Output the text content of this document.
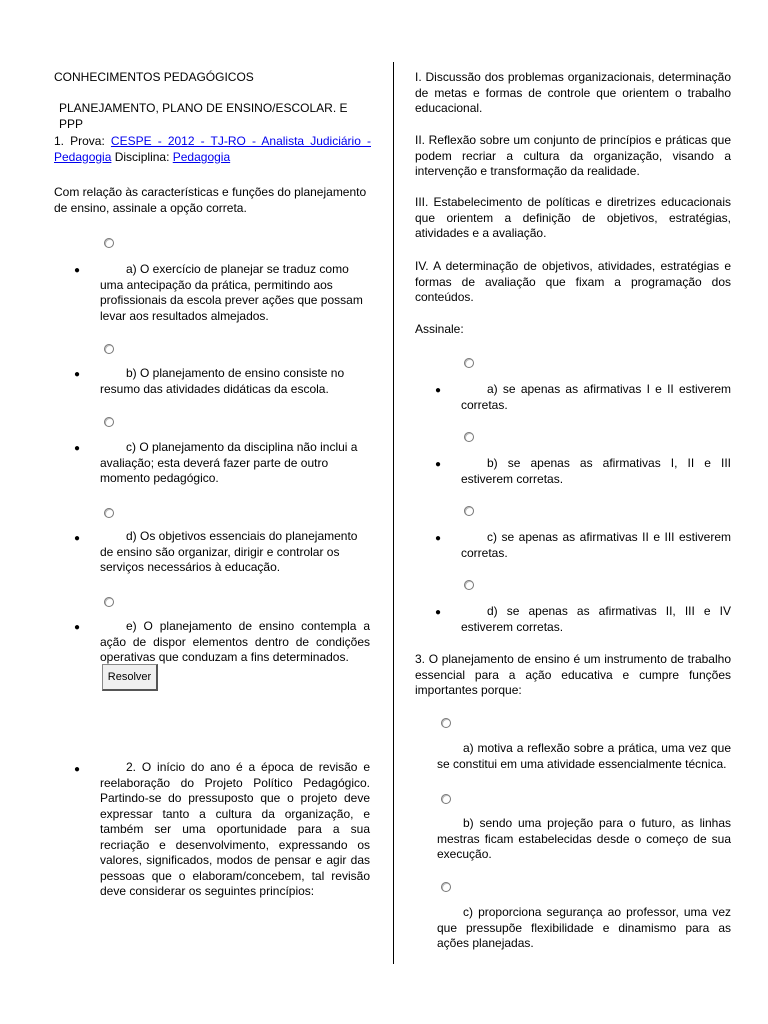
CONHECIMENTOS PEDAGÓGICOS
PLANEJAMENTO, PLANO DE ENSINO/ESCOLAR. E PPP
1. Prova: CESPE - 2012 - TJ-RO - Analista Judiciário - Pedagogia Disciplina: Pedagogia
Com relação às características e funções do planejamento de ensino, assinale a opção correta.
●	a) O exercício de planejar se traduz como uma antecipação da prática, permitindo aos profissionais da escola prever ações que possam levar aos resultados almejados.
●	b) O planejamento de ensino consiste no resumo das atividades didáticas da escola.
●	c) O planejamento da disciplina não inclui a avaliação; esta deverá fazer parte de outro momento pedagógico.
●	d) Os objetivos essenciais do planejamento de ensino são organizar, dirigir e controlar os serviços necessários à educação.
●	e) O planejamento de ensino contempla a ação de dispor elementos dentro de condições operativas que conduzam a fins determinados.
Resolver
●	2. O início do ano é a época de revisão e reelaboração do Projeto Político Pedagógico. Partindo-se do pressuposto que o projeto deve expressar tanto a cultura da organização, e também ser uma oportunidade para a sua recriação e desenvolvimento, expressando os valores, significados, modos de pensar e agir das pessoas que o elaboram/concebem, tal revisão deve considerar os seguintes princípios:
I. Discussão dos problemas organizacionais, determinação de metas e formas de controle que orientem o trabalho educacional.
II. Reflexão sobre um conjunto de princípios e práticas que podem recriar a cultura da organização, visando a intervenção e transformação da realidade.
III. Estabelecimento de políticas e diretrizes educacionais que orientem a definição de objetivos, estratégias, atividades e a avaliação.
IV. A determinação de objetivos, atividades, estratégias e formas de avaliação que fixam a programação dos conteúdos.
Assinale:
●	a) se apenas as afirmativas I e II estiverem corretas.
●	b) se apenas as afirmativas I, II e III estiverem corretas.
●	c) se apenas as afirmativas II e III estiverem corretas.
●	d) se apenas as afirmativas II, III e IV estiverem corretas.
3. O planejamento de ensino é um instrumento de trabalho essencial para a ação educativa e cumpre funções importantes porque:
a) motiva a reflexão sobre a prática, uma vez que se constitui em uma atividade essencialmente técnica.
b) sendo uma projeção para o futuro, as linhas mestras ficam estabelecidas desde o começo de sua execução.
c) proporciona segurança ao professor, uma vez que pressupõe flexibilidade e dinamismo para as ações planejadas.
